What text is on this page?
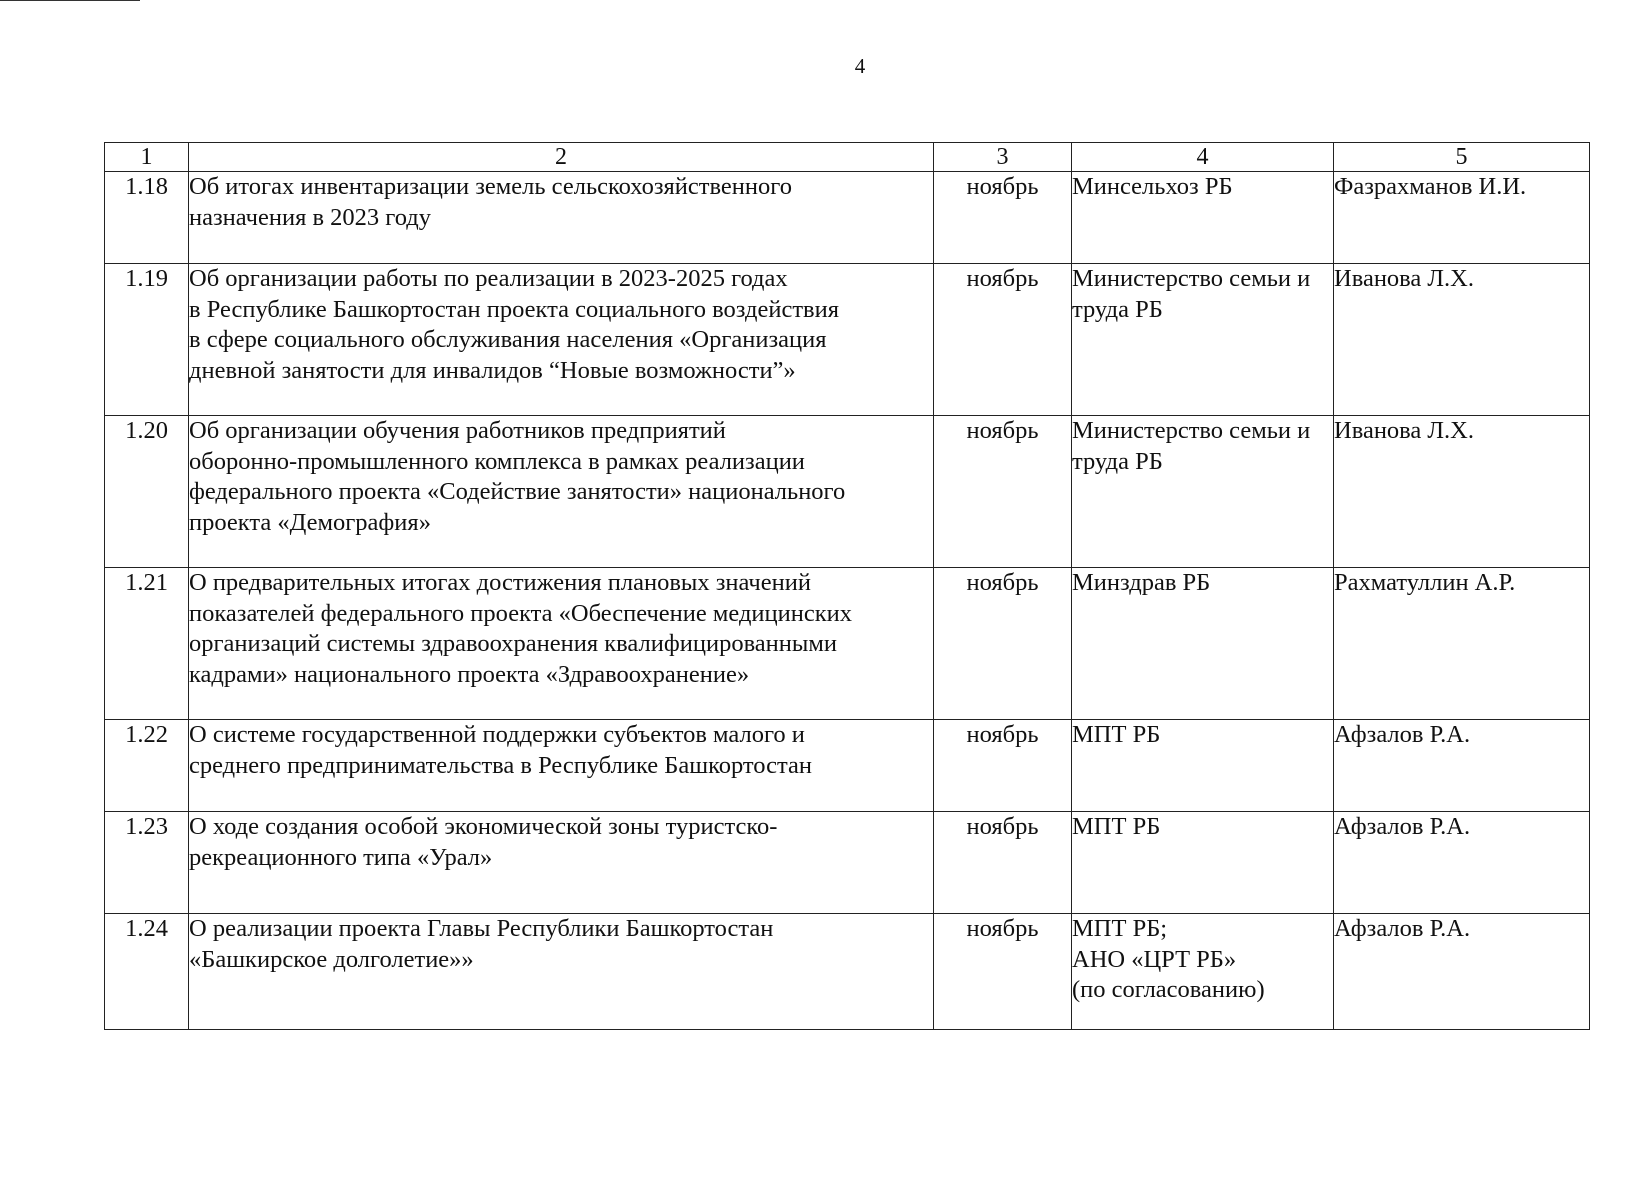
4
1	2	3	4	5
1.18	Об итогах инвентаризации земель сельскохозяйственного
назначения в 2023 году	ноябрь	Минсельхоз РБ	Фазрахманов И.И.
1.19	Об организации работы по реализации в 2023-2025 годах
в Республике Башкортостан проекта социального воздействия
в сфере социального обслуживания населения «Организация
дневной занятости для инвалидов “Новые возможности”»	ноябрь	Министерство семьи и
труда РБ	Иванова Л.Х.
1.20	Об организации обучения работников предприятий
оборонно-промышленного комплекса в рамках реализации
федерального проекта «Содействие занятости» национального
проекта «Демография»	ноябрь	Министерство семьи и
труда РБ	Иванова Л.Х.
1.21	О предварительных итогах достижения плановых значений
показателей федерального проекта «Обеспечение медицинских
организаций системы здравоохранения квалифицированными
кадрами» национального проекта «Здравоохранение»	ноябрь	Минздрав РБ	Рахматуллин А.Р.
1.22	О системе государственной поддержки субъектов малого и
среднего предпринимательства в Республике Башкортостан	ноябрь	МПТ РБ	Афзалов Р.А.
1.23	О ходе создания особой экономической зоны туристско-
рекреационного типа «Урал»	ноябрь	МПТ РБ	Афзалов Р.А.
1.24	О реализации проекта Главы Республики Башкортостан
«Башкирское долголетие»»	ноябрь	МПТ РБ;
АНО «ЦРТ РБ»
(по согласованию)	Афзалов Р.А.
